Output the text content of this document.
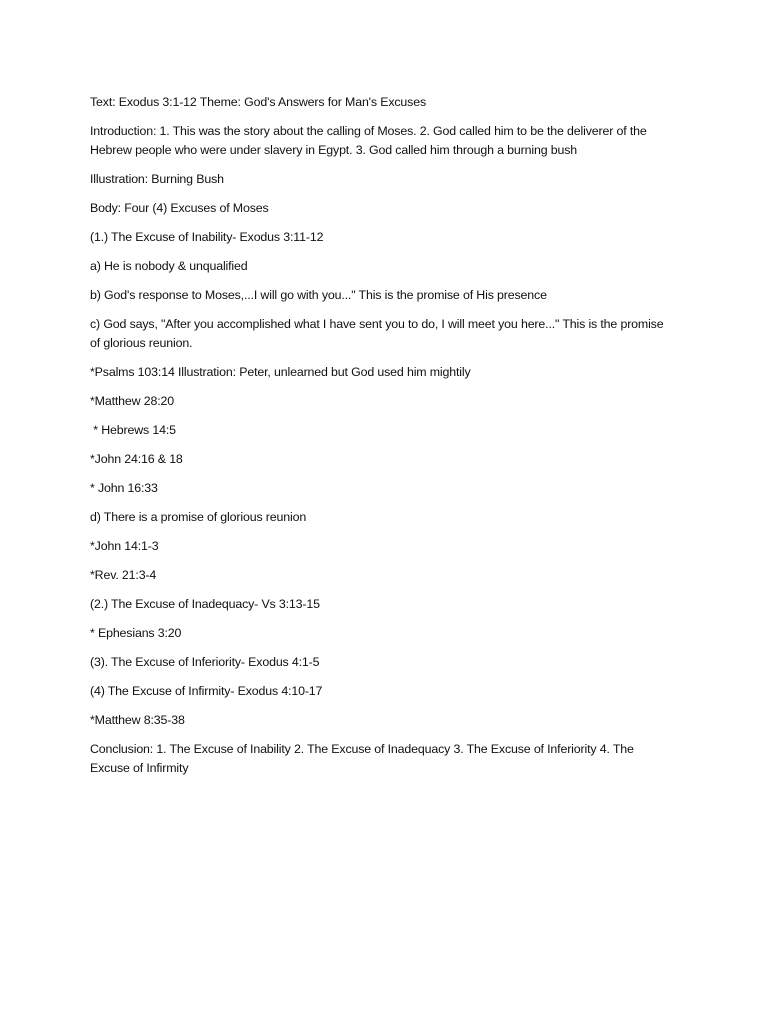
Text: Exodus 3:1-12 Theme: God's Answers for Man's Excuses

Introduction: 1. This was the story about the calling of Moses. 2. God called him to be the deliverer of the Hebrew people who were under slavery in Egypt. 3. God called him through a burning bush

Illustration: Burning Bush

Body: Four (4) Excuses of Moses

(1.) The Excuse of Inability- Exodus 3:11-12

a) He is nobody & unqualified

b) God's response to Moses,...I will go with you..." This is the promise of His presence

c) God says, "After you accomplished what I have sent you to do, I will meet you here..." This is the promise of glorious reunion.

*Psalms 103:14 Illustration: Peter, unlearned but God used him mightily

*Matthew 28:20

* Hebrews 14:5

*John 24:16 & 18

* John 16:33

d) There is a promise of glorious reunion

*John 14:1-3

*Rev. 21:3-4

(2.) The Excuse of Inadequacy- Vs 3:13-15

* Ephesians 3:20

(3). The Excuse of Inferiority- Exodus 4:1-5

(4) The Excuse of Infirmity- Exodus 4:10-17

*Matthew 8:35-38

Conclusion: 1. The Excuse of Inability 2. The Excuse of Inadequacy 3. The Excuse of Inferiority 4. The Excuse of Infirmity
